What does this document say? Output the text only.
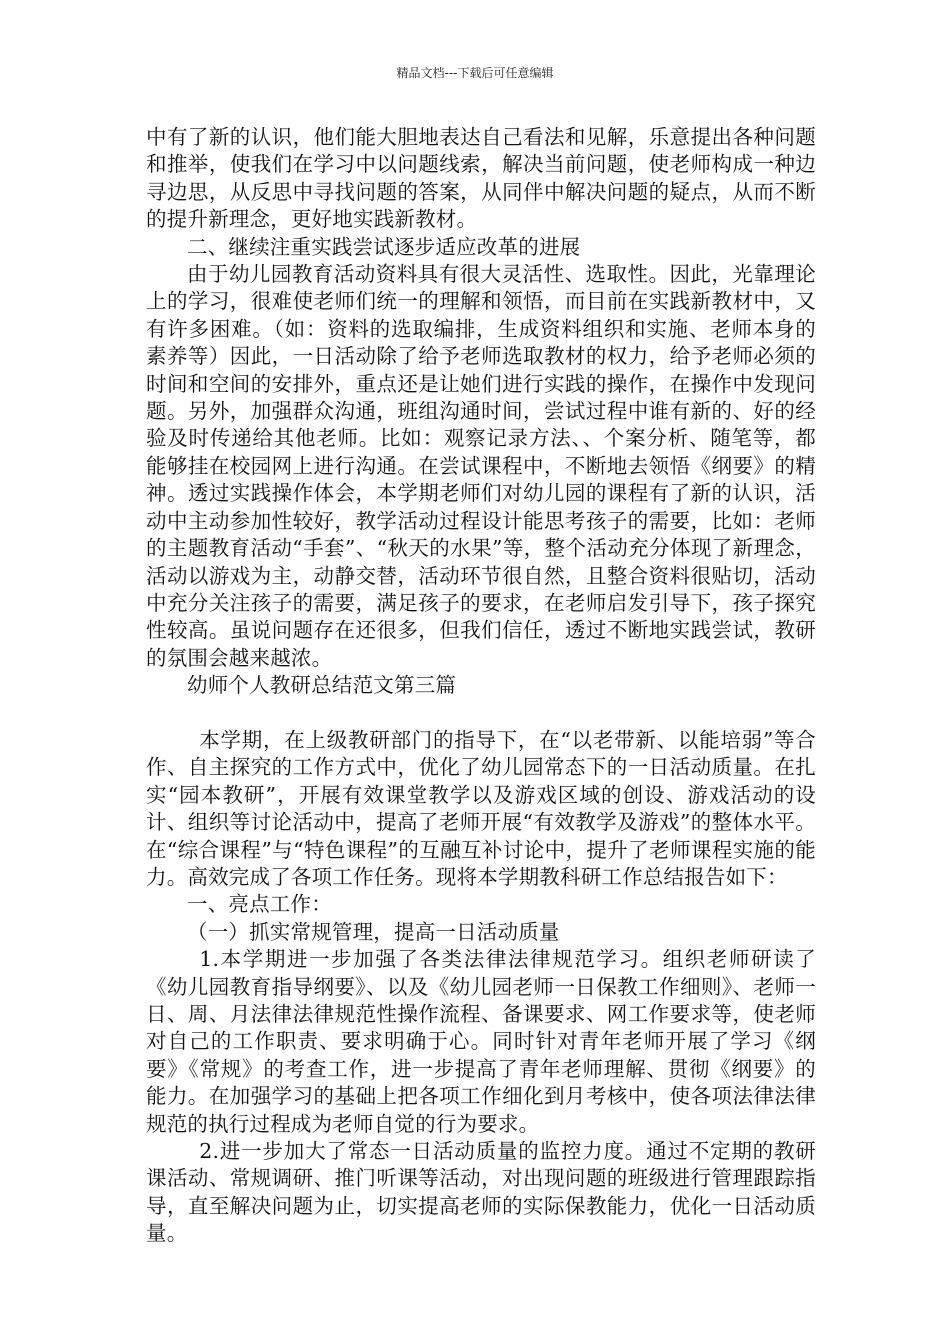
精品文档---下载后可任意编辑

中有了新的认识，他们能大胆地表达自己看法和见解，乐意提出各种问题和推举，使我们在学习中以问题线索，解决当前问题，使老师构成一种边寻边思，从反思中寻找问题的答案，从同伴中解决问题的疑点，从而不断的提升新理念，更好地实践新教材。

二、继续注重实践尝试逐步适应改革的进展

由于幼儿园教育活动资料具有很大灵活性、选取性。因此，光靠理论上的学习，很难使老师们统一的理解和领悟，而目前在实践新教材中，又有许多困难。（如：资料的选取编排，生成资料组织和实施、老师本身的素养等）因此，一日活动除了给予老师选取教材的权力，给予老师必须的时间和空间的安排外，重点还是让她们进行实践的操作，在操作中发现问题。另外，加强群众沟通，班组沟通时间，尝试过程中谁有新的、好的经验及时传递给其他老师。比如：观察记录方法、、个案分析、随笔等，都能够挂在校园网上进行沟通。在尝试课程中，不断地去领悟《纲要》的精神。透过实践操作体会，本学期老师们对幼儿园的课程有了新的认识，活动中主动参加性较好，教学活动过程设计能思考孩子的需要，比如：老师的主题教育活动“手套”、“秋天的水果”等，整个活动充分体现了新理念，活动以游戏为主，动静交替，活动环节很自然，且整合资料很贴切，活动中充分关注孩子的需要，满足孩子的要求，在老师启发引导下，孩子探究性较高。虽说问题存在还很多，但我们信任，透过不断地实践尝试，教研的氛围会越来越浓。

幼师个人教研总结范文第三篇

本学期，在上级教研部门的指导下，在“以老带新、以能培弱”等合作、自主探究的工作方式中，优化了幼儿园常态下的一日活动质量。在扎实“园本教研”，开展有效课堂教学以及游戏区域的创设、游戏活动的设计、组织等讨论活动中，提高了老师开展“有效教学及游戏”的整体水平。在“综合课程”与“特色课程”的互融互补讨论中，提升了老师课程实施的能力。高效完成了各项工作任务。现将本学期教科研工作总结报告如下：

一、亮点工作：

（一）抓实常规管理，提高一日活动质量

1.本学期进一步加强了各类法律法律规范学习。组织老师研读了《幼儿园教育指导纲要》、以及《幼儿园老师一日保教工作细则》、老师一日、周、月法律法律规范性操作流程、备课要求、网工作要求等，使老师对自己的工作职责、要求明确于心。同时针对青年老师开展了学习《纲要》《常规》的考查工作，进一步提高了青年老师理解、贯彻《纲要》的能力。在加强学习的基础上把各项工作细化到月考核中，使各项法律法律规范的执行过程成为老师自觉的行为要求。

2.进一步加大了常态一日活动质量的监控力度。通过不定期的教研课活动、常规调研、推门听课等活动，对出现问题的班级进行管理跟踪指导，直至解决问题为止，切实提高老师的实际保教能力，优化一日活动质量。
